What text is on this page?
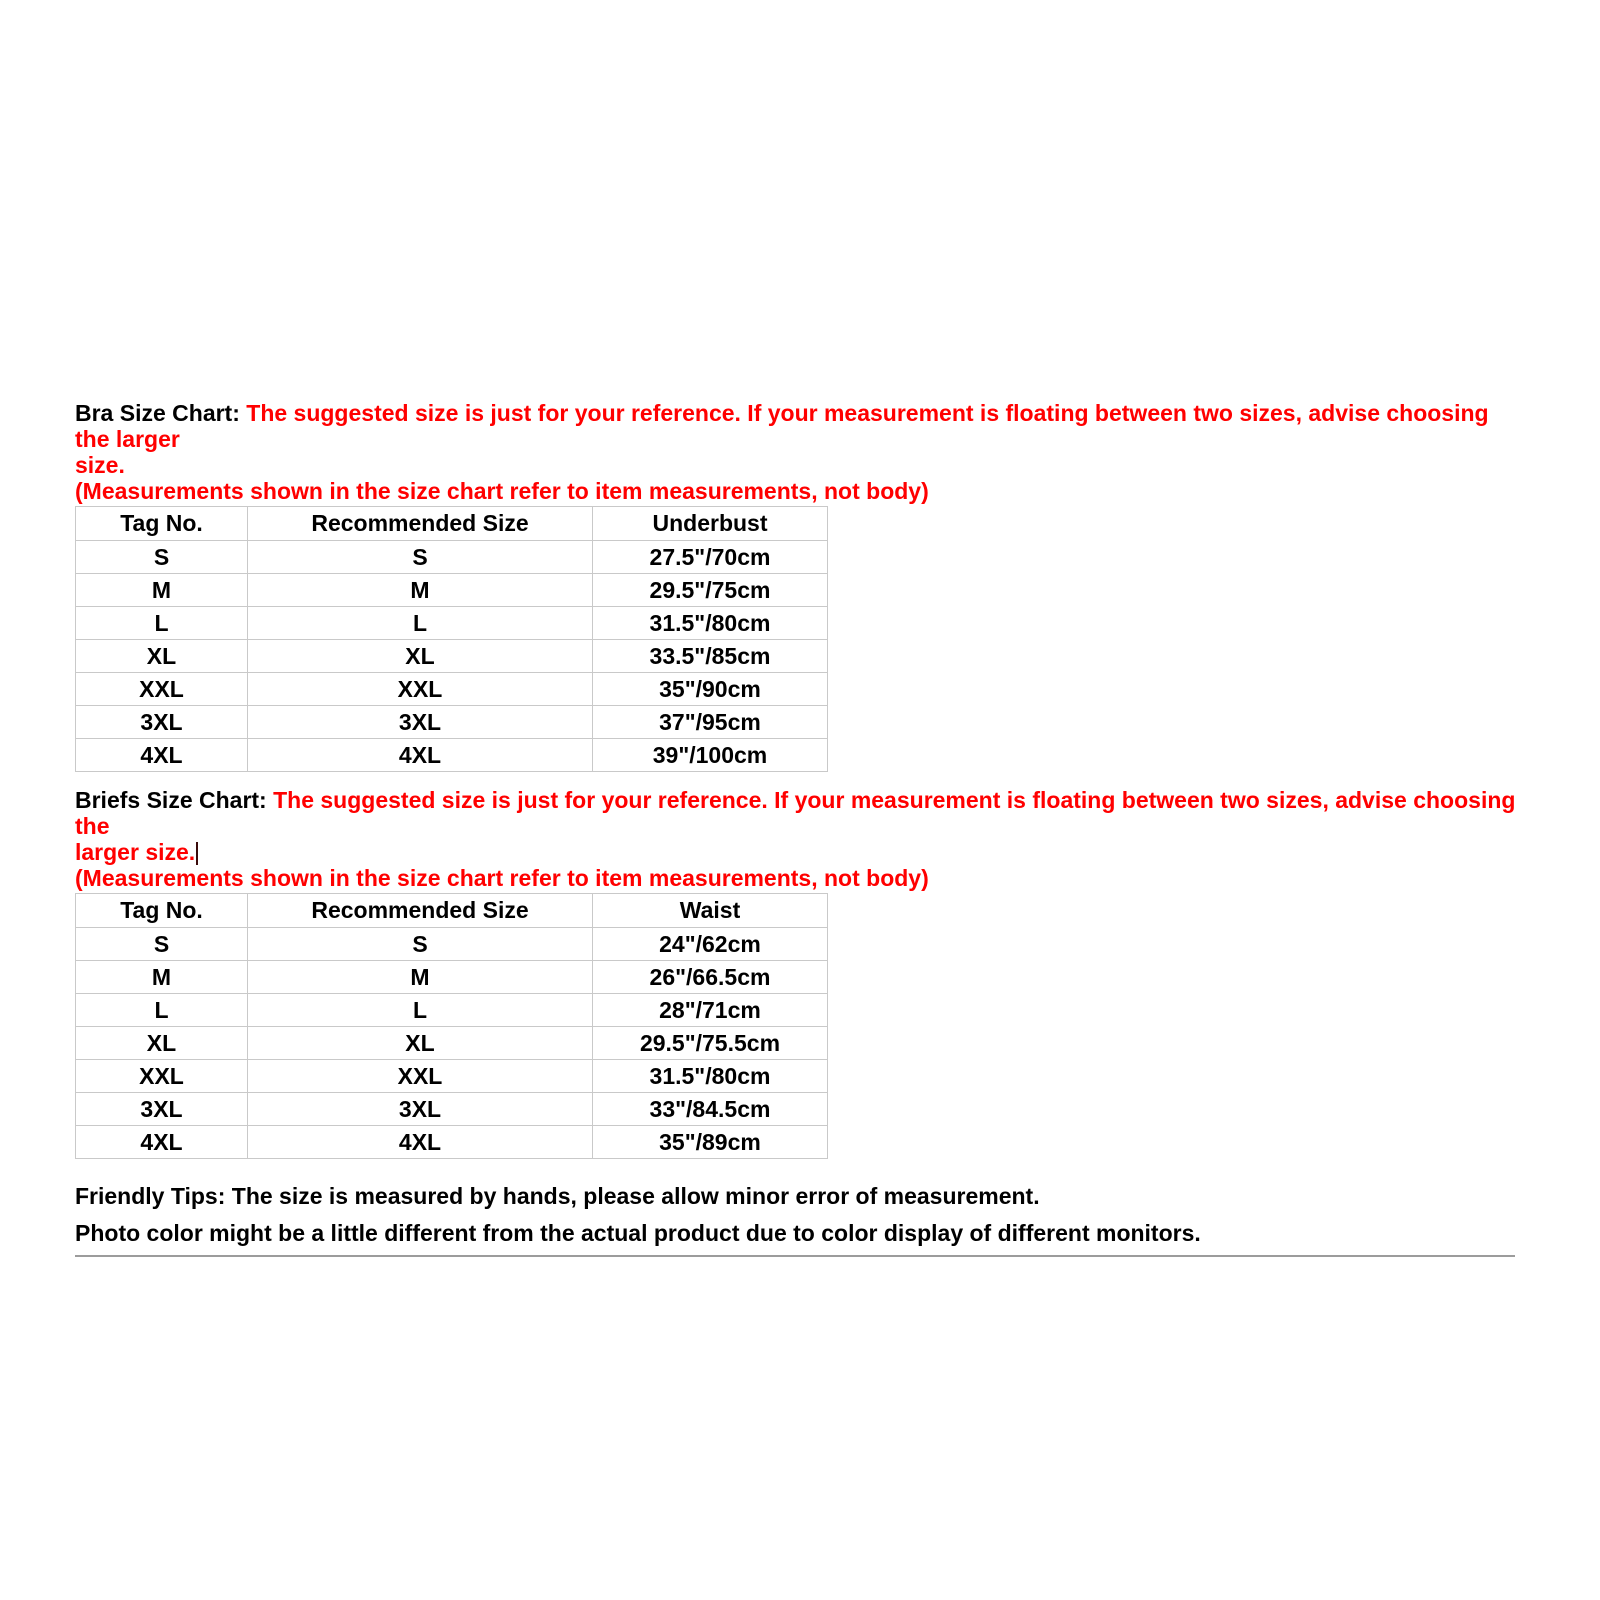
Bra Size Chart: The suggested size is just for your reference. If your measurement is floating between two sizes, advise choosing the larger
size.
(Measurements shown in the size chart refer to item measurements, not body)
Tag No.	Recommended Size	Underbust
S	S	27.5"/70cm
M	M	29.5"/75cm
L	L	31.5"/80cm
XL	XL	33.5"/85cm
XXL	XXL	35"/90cm
3XL	3XL	37"/95cm
4XL	4XL	39"/100cm
Briefs Size Chart: The suggested size is just for your reference. If your measurement is floating between two sizes, advise choosing the
larger size.
(Measurements shown in the size chart refer to item measurements, not body)
Tag No.	Recommended Size	Waist
S	S	24"/62cm
M	M	26"/66.5cm
L	L	28"/71cm
XL	XL	29.5"/75.5cm
XXL	XXL	31.5"/80cm
3XL	3XL	33"/84.5cm
4XL	4XL	35"/89cm
Friendly Tips: The size is measured by hands, please allow minor error of measurement.
Photo color might be a little different from the actual product due to color display of different monitors.
